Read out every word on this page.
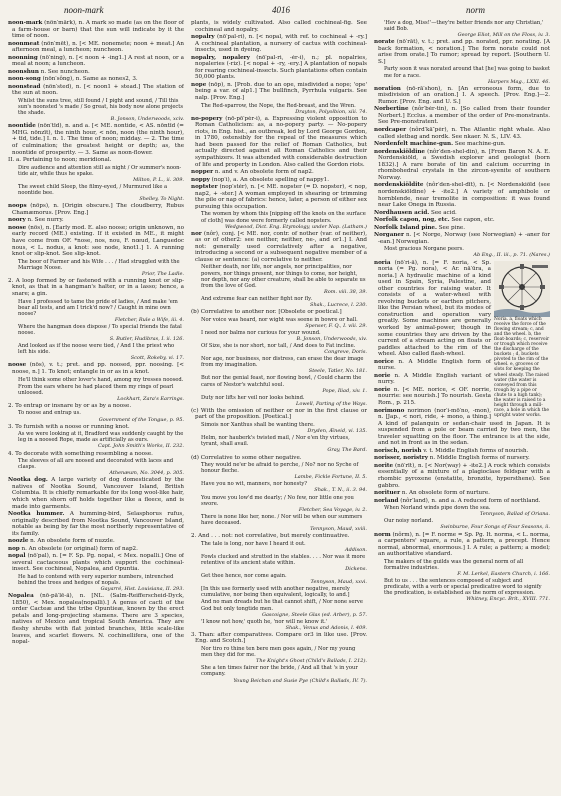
noon-mark	4016	norm

noon-mark (nön′märk), n. A mark so made (as on the floor of a farm-house or barn) that the sun will indicate by it the time of noon.

noonmeat (nön′mēt), n. [< ME. nonemete; noon + meat.] An afternoon meal, a luncheon; nuncheon.

noonning (nö′ning), n. [< noon + -ing1.] A rest at noon, or a meal at noon; a luncheon.

noonshun n. See nuncheon.

noon-song (nön′sông), n. Same as nones2, 3.

noonstead (nön′sted), n. [< noon1 + stead.] The station of the sun at noon.

Whilst the suns tree, still found / I pight and sound, / Till this sun's noonsted 's made / So great, his body now alone projects the shade.
B. Jonson, Underwoods, xciv.

noontide (nön′tīd), n. and a. [< ME. nontide, < AS. nōntīd (= MHG. nōnzīt), the ninth hour, < nōn, noon (the ninth hour), + tīd, tide.] I. n. 1. The time of noon; midday. — 2. The time of culmination; the greatest height or depth; as, the noontide of prosperity. — 3. Same as noon-flower.

II. a. Pertaining to noon; meridional.

Dire audience and attention still as night / Or summer's noon-tide air, while thus he spake.
Milton, P. L., ii. 309.
The sweet child Sleep, the filmy-eyed, / Murmured like a noontide bee.
Shelley, To Night.

noops (nöps), n. [Origin obscure.] The cloudberry, Rubus Chamæmorus. [Prov. Eng.]

noory n. See nurry.

noose (nös), n. [Early mod. E. also noose; origin unknown, no early record (ME.) existing. If it existed in ME., it might have come from OF. *nose, nos, nou, F. nœud, Languedoc nous, < L. nodus, a knot: see node, knot1.] 1. A running knot or slip-knot. See slip-knot.

The boor of Farmer and his Wife . . . / Had struggled with the Marriage Noose.
Prior, The Ladle.

2. A loop formed by or fastened with a running knot or slip-knot, as that in a hangman's halter, or in a lasso; hence, a snare; a gin.

Have I professed to tame the pride of ladies, / And make 'em bear all tests, and am I trick'd now? / Caught in mine own noose?
Fletcher, Rule a Wife, iii. 4.
Where the hangman does dispose / To special friends the fatal noose.
S. Butler, Hudibras, I. ii. 126.
And looked as if the noose were tied, / And I the priest who left his side.
Scott, Rokeby, vi. 17.

noose (nös), v. t.; pret. and pp. noosed, ppr. noosing. [< noose, n.] 1. To knot; entangle in or as in a knot.

He'll think some other lover's hand, among my tresses noosed.
From the ears where he had placed them my rings of pearl unloosed.
Lockhart, Zara's Earrings.

2. To entrap or insnare by or as by a noose.

To noose and entrap us.
Government of the Tongue, p. 95.

3. To furnish with a noose or running knot.

As we were looking at it, Bradford was suddenly caught by the leg in a noosed Rope, made as artificially as ours.
Capt. John Smith's Works, II. 232.

4. To decorate with something resembling a noose.

The sleeves of all are noosed and decorated with laces and clasps.
Athenæum, No. 3044, p. 305.

Nootka dog. A large variety of dog domesticated by the natives of Nootka Sound, Vancouver Island, British Columbia. It is chiefly remarkable for its long wool-like hair, which when shorn off holds together like a fleece, and is made into garments.

Nootka hummer. A humming-bird, Selasphorus rufus, originally described from Nootka Sound, Vancouver Island, notable as being by far the most northerly representative of its family.

noozle n. An obsolete form of nuzzle.

nop n. An obsolete (or original) form of nap2.

nopal (nō′pal), n. [= F. Sp. Pg. nopal, < Mex. nopalli.] One of several cactaceous plants which support the cochineal-insect. See cochineal, Nopalea, and Opuntia.

He had to contend with very superior numbers, intrenched behind the trees and hedges of nopals.
Gayarré, Hist. Louisiana, II. 293.

Nopalea (nō-pā′lē-ä), n. [NL. (Salm-Reifferscheid-Dyck, 1850), < Mex. nopalea(nopalli).] A genus of cacti of the order Cacteæ and the tribe Opuntieæ, known by the erect petals and long-projecting stamens. There are 3 species, natives of Mexico and tropical South America. They are fleshy shrubs with flat jointed branches, little scale-like leaves, and scarlet flowers. N. cochinellifera, one of the nopal-

plants, is widely cultivated. Also called cochineal-fig. See cochineal and nopalry.

nopalry (nō′pal-ri), n. [< nopal, with ref. to cochineal + -ry.] A cochineal plantation, a nursery of cactus with cochineal-insects, used in dyeing.

nopalry, nopalery (nō′pal-ri, -ėr-i), n.; pl. nopalries, nopaleries (-riz). [< nopal + -ry, -ery.] A plantation of nopals for rearing cochineal-insects. Such plantations often contain 50,000 plants.

nope (nōp), n. [Prob. due to an ope, misdivided a nope; 'ope' being a var. of alp1.] The bullfinch, Pyrrhula vulgaris. See nalp. [Prov. Eng.]

The Red-sparrow, the Nope, the Red-breast, and the Wren.
Drayton, Polyolbion, xiii. 74.

no-popery (nō-pō′pėr-i), a. Expressing violent opposition to Roman Catholicism: as, a no-popery party. — No-popery riots, in Eng. hist., an outbreak, led by Lord George Gordon, in 1780, ostensibly for the repeal of the measures which had been passed for the relief of Roman Catholics, but actually directed against all Roman Catholics and their sympathizers. It was attended with considerable destruction of life and property in London. Also called the Gordon riots.

nopper n. and v. An obsolete form of nap2.

noppy (nop′i), a. An obsolete spelling of nappy1.

noptster (nop′stėr), n. [< ME. nopster (= D. nopster), < nop, nap2, + -ster.] A woman employed in shearing or trimming the pile or nap of fabrics: hence, later, a person of either sex pursuing this occupation.

The women by whom this [nipping off the knots on the surface of cloth] was done were formerly called nopsters.
Wedgwood, Dict. Eng. Etymology, under Nap. (Latham.)

nor (nôr), conj. [< ME. nor, contr. of nother (var. of neither), as or of other2: see neither, neither, ne-, and or1.] I. And not: generally used correlatively after a negative, introducing a second or a subsequent negative member of a clause or sentence: (a) correlative to neither.

Neither death, nor life, nor angels, nor principalities, nor powers, nor things present, nor things to come, nor height, nor depth, nor any other creature, shall be able to separate us from the love of God.
Rom. viii. 38, 39.
And extreme fear can neither fight nor fly.
Shak., Lucrece, l. 230.

(b) Correlative to another nor. [Obsolete or poetical.]

Nor voice was heard, nor wight was seene in bowre or hall.
Spenser, F. Q., I. viii. 29.
I need nor balms nor curious for your wound.
B. Jonson, Underwoods, xiv.
Of Size, she is nor short, nor tall, / And does to Fat incline.
Congreve, Doris.
Nor age, nor business, nor distress, can erase the dear image from my imagination.
Steele, Tatler, No. 181.
But nor the genial feast, nor flowing bowl, / Could charm the cares of Nestor's watchful soul.
Pope, Iliad, xiv. 1.
Duty nor lifts her veil nor looks behind.
Lowell, Parting of the Ways.

(c) With the omission of neither or nor in the first clause or part of the proposition. [Poetical.]

Simois nor Xanthus shall be wanting there.
Dryden, Æneid, vi. 135.
Helm, nor hauberk's twisted mail, / Nor e'en thy virtues, tyrant, shall avail.
Gray, The Bard.

(d) Correlative to some other negative.

They would ne'er be afraid to perche, / No? nor no Syche of honour fleche.
Lambe, Fickle Fortune, II. 5.
Have you no wit, manners, nor honesty?
Shak., T. N., ii. 3. 94.
You move you low'd me dearly; / No few, nor little one you swore.
Fletcher, Sea Voyage, iv. 2.
There is none like her, none. / Nor will be when our summers have deceased.
Tennyson, Maud, xviii.

2. And . . . not: not correlative, but merely continuative.

The tale is long, nor have I heard it out.
Addison.
Fowls clucked and strutted in the stables. . . . Nor was it more retentive of its ancient state within.
Dickens.
Get thee hence, nor come again.
Tennyson, Maud, xxvi.
[In this use formerly used with another negative, merely cumulative, nor being then equivalent, logically, to and.]
And no man dreads but he that cannot shift, / Nor none serve God but only tongtide men.
Gascoigne, Steele Glas (ed. Arber), p. 57.
'I know not how,' quoth he, 'nor will ne know it.'
Shak., Venus and Adonis, l. 409.

3. Than: after comparatives. Compare or3 in like use. [Prov. Eng. and Scotch.]

Nor tiro ro thine ten bere men goes again, / Nor my young men they did for me.
The Knight's Ghost (Child's Ballads, I. 212).
She a ten times fairer nor the bride, / And all that 's in your company.
Young Beichan and Susie Pye (Child's Ballads, IV. 7).
'Hev a dog, Miss!'—they're better friends nor any Christian,' said Bob.
George Eliot, Mill on the Floss, iv. 3.

norate (nō′rāt), v. t.; pret. and pp. norated, ppr. norating. [A back formation, < noration.] The form norate could not arise from orate.] To rumor; spread by report. [Southern U. S.]

Party soon it was norated around that [he] was going to basket me for a race.
Harpers Mag., LXXI. 46.

noration (nō-rā′shon), n. [An erroneous form, due to misdivision of an oration.] I. A speech. [Prov. Eng.]—2. Rumor. [Prov. Eng. and U. S.]

Norbertine (nôr′bėr-tin), n. [So called from their founder Norbert.] Ecclus. a member of the order of Pre-monstrants. See Pre-monstratent.

nordcaper (nôrd′kā″pėr), n. The Atlantic right whale. Also called sletbag and nordk. See nkaer. N. S., LIV. 43.

Nordenfelt machine-gun. See machine-gun.

nordenskiöldine (nôr′den-shel-din), n. [From Baron N. A. E. Nordenskiöld, a Swedish explorer and geologist (born 1832).] A rare borate of tin and calcium occurring in rhombohedral crystals in the zircon-syenite of southern Norway.

nordenskiöldite (nôr′den-shel-dīt), n. [< Nordenskiöld (see nordenskiöldine) + -ite2.] A variety of amphibole or hornblende, near tremolite in composition: it was found near Lake Onega in Russia.

Nordhausen acid. See acid.

Norfolk capon, nog, etc. See capon, etc.

Norfolk Island pine. See pine.

Norganer n. [< Norge, Norway (see Norwegian) + -aner for -ean.] Norwegian.

Most gracious Norgane peers.
Ab Eng., II. iii., p. 71. (Nares.)
Noria. a, floats which receive the force of the flowing stream; c, and and the wheel. b, the float-boards; c, reservoir or trough which receive the discharge of the buckets ; d, buckets pivoted to the rim of the wheel. e, grooves or slots for keeping the wheel steady. The raised water (the water is conveyed from this trough by a pipe or chute to a high tank); the water is raised to a height through a mill-race, a hole in which the upright water works.

noria (nō′ri-ä), n. [= F. noria, < Sp. noria (= Pg. nora), < Ar. nā′ūra, a noria.] A hydraulic machine of a kind used in Spain, Syria, Palestine, and other countries for raising water. It consists of a water-wheel with revolving buckets or earthen pitchers, like the Persian wheel, but its modes of construction and operation vary greatly. Some machines are generally worked by animal-power, though in some countries they are driven by the current of a stream acting on floats or paddles attached to the rim of the wheel. Also called flash-wheel.

norice n. A Middle English form of nurse.

norie n. A Middle English variant of nurry.

norie n. [< ME. norice, < OF. norrie, nourrie: see nourish.] To nourish. Gesta Rom., p. 215.

norimono norimon (nor′i-mō′no, -mon), n. [Jap., < nori, ride, + mono, a thing.] A kind of palanquin or sedan-chair used in Japan. It is suspended from a pole or beam carried by two men, the traveler squatting on the floor. The entrance is at the side, and not in front as in the sedan.

norisch, norish v. t. Middle English forms of nourish.

norisser, noristry n. Middle English forms of nursery.

norite (nō′rīt), n. [< Nor(way) + -ite2.] A rock which consists essentially of a mixture of a plagioclase feldspar with a rhombic pyroxene (enstatite, bronzite, hypersthene). See gabbro.

norituer n. An obsolete form of nurture.

norland (nôr′land), n. and a. A reduced form of northland.

When Norland winds pipe down the sea.
Tennyson, Ballad of Oriana.
Our noisy norland.
Swinburne, Four Songs of Four Seasons, ii.

norm (nôrm), n. [= F. norme = Sp. Pg. It. norma, < L. norma, a carpenters' square, a rule, a pattern, a precept. Hence normal, abnormal, enormous.] I. A rule; a pattern; a model; an authoritative standard.

The makers of the guilds was the general norm of all formative industries.
F. M. Lerkel, Eastern Church, i. 166.
But to us . . . the sentences composed of subject and predicate, with a verb or special predicative word to signify the predication, is established as the norm of expression.
Whitney, Encyc. Brit., XVIII. 771.
